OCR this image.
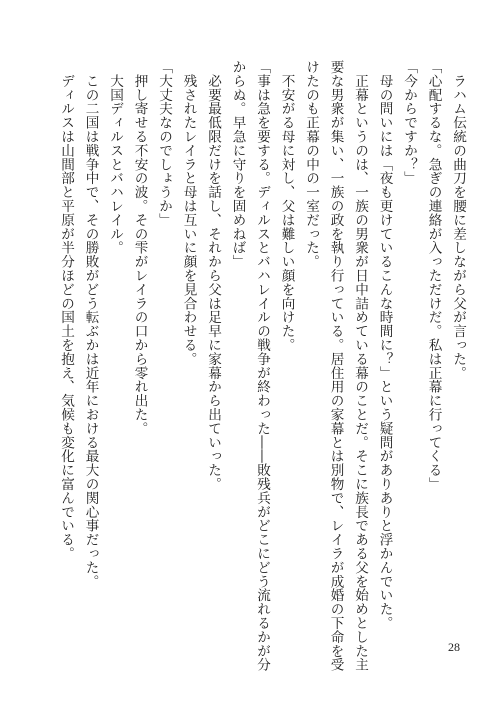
　ラハム伝統の曲刀を腰に差しながら父が言った。

「心配するな。急ぎの連絡が入っただけだ。私は正幕に行ってくる」

「今からですか？」

　母の問いには「夜も更けているこんな時間に？」という疑問がありありと浮かんでいた。

　正幕というのは、一族の男衆が日中詰めている幕のことだ。そこに族長である父を始めとした主

要な男衆が集い、一族の政を執り行っている。居住用の家幕とは別物で、レイラが成婚の下命を受

けたのも正幕の中の一室だった。

　不安がる母に対し、父は難しい顔を向けた。

「事は急を要する。ディルスとバハレイルの戦争が終わった――敗残兵がどこにどう流れるかが分

からぬ。早急に守りを固めねば」

　必要最低限だけを話し、それから父は足早に家幕から出ていった。

　残されたレイラと母は互いに顔を見合わせる。

「大丈夫なのでしょうか」

　押し寄せる不安の波。その雫がレイラの口から零れ出た。

　大国ディルスとバハレイル。

　この二国は戦争中で、その勝敗がどう転ぶかは近年における最大の関心事だった。

　ディルスは山間部と平原が半分ほどの国土を抱え、気候も変化に富んでいる。

28
